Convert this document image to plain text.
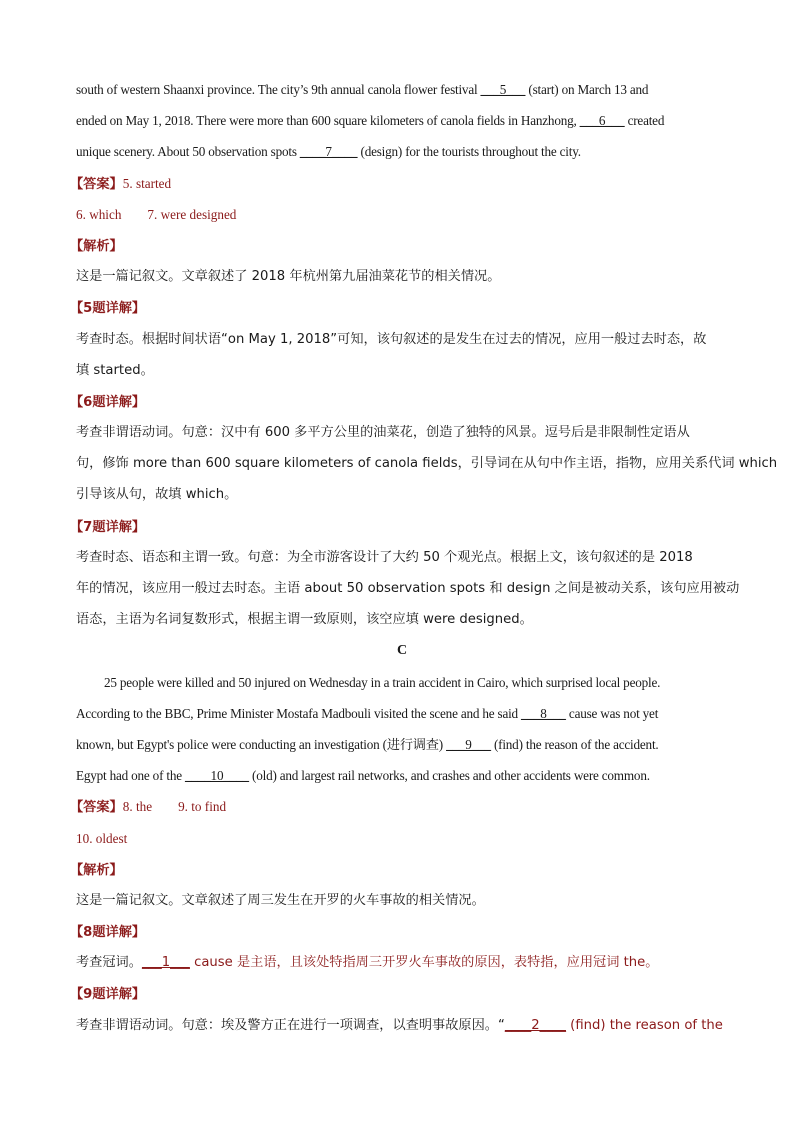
south of western Shaanxi province. The city’s 9th annual canola flower festival ___5___ (start) on March 13 and
ended on May 1, 2018. There were more than 600 square kilometers of canola fields in Hanzhong, ___6___ created
unique scenery. About 50 observation spots ____7____ (design) for the tourists throughout the city.
【答案】5. started
6. which 7. were designed
【解析】
这是一篇记叙文。文章叙述了 2018 年杭州第九届油菜花节的相关情况。
【5题详解】
考查时态。根据时间状语“on May 1, 2018”可知，该句叙述的是发生在过去的情况，应用一般过去时态，故
填 started。
【6题详解】
考查非谓语动词。句意：汉中有 600 多平方公里的油菜花，创造了独特的风景。逗号后是非限制性定语从
句，修饰 more than 600 square kilometers of canola fields，引导词在从句中作主语，指物，应用关系代词 which
引导该从句，故填 which。
【7题详解】
考查时态、语态和主谓一致。句意：为全市游客设计了大约 50 个观光点。根据上文，该句叙述的是 2018
年的情况，该应用一般过去时态。主语 about 50 observation spots 和 design 之间是被动关系，该句应用被动
语态，主语为名词复数形式，根据主谓一致原则，该空应填 were designed。
C
25 people were killed and 50 injured on Wednesday in a train accident in Cairo, which surprised local people.
According to the BBC, Prime Minister Mostafa Madbouli visited the scene and he said ___8___ cause was not yet
known, but Egypt's police were conducting an investigation (进行调查) ___9___ (find) the reason of the accident.
Egypt had one of the ____10____ (old) and largest rail networks, and crashes and other accidents were common.
【答案】8. the 9. to find
10. oldest
【解析】
这是一篇记叙文。文章叙述了周三发生在开罗的火车事故的相关情况。
【8题详解】
考查冠词。___1___ cause 是主语，且该处特指周三开罗火车事故的原因，表特指，应用冠词 the。
【9题详解】
考查非谓语动词。句意：埃及警方正在进行一项调查，以查明事故原因。“____2____ (find) the reason of the
